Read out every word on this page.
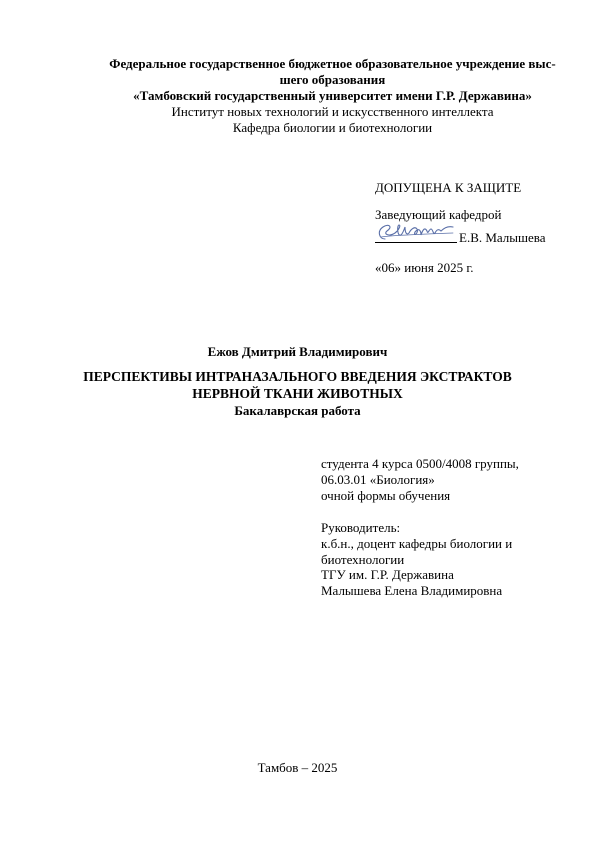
Федеральное государственное бюджетное образовательное учреждение выс-
шего образования
«Тамбовский государственный университет имени Г.Р. Державина»
Институт новых технологий и искусственного интеллекта
Кафедра биологии и биотехнологии
ДОПУЩЕНА К ЗАЩИТЕ
Заведующий кафедрой
Е.В. Малышева
«06» июня 2025 г.
Ежов Дмитрий Владимирович
ПЕРСПЕКТИВЫ ИНТРАНАЗАЛЬНОГО ВВЕДЕНИЯ ЭКСТРАКТОВ
НЕРВНОЙ ТКАНИ ЖИВОТНЫХ
Бакалаврская работа
студента 4 курса 0500/4008 группы,
06.03.01 «Биология»
очной формы обучения
Руководитель:
к.б.н., доцент кафедры биологии и
биотехнологии
ТГУ им. Г.Р. Державина
Малышева Елена Владимировна
Тамбов – 2025
